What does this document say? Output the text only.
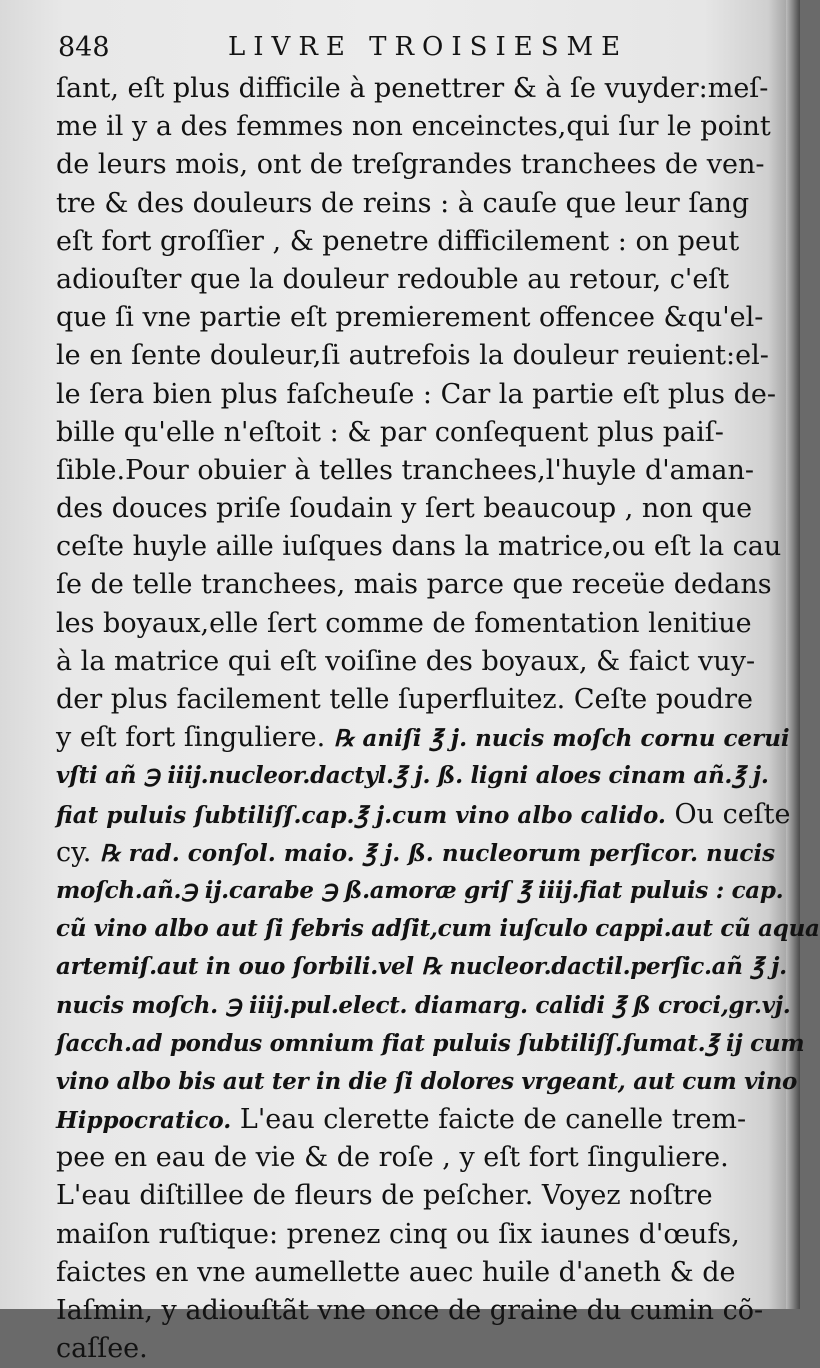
848	LIVRE TROISIESME
ſant, eſt plus difficile à penettrer & à ſe vuyder:meſ-
me il y a des femmes non enceinctes,qui ſur le point
de leurs mois, ont de treſgrandes tranchees de ven-
tre & des douleurs de reins : à cauſe que leur ſang
eſt fort groſſier , & penetre difficilement : on peut
adiouſter que la douleur redouble au retour, c'eſt
que ſi vne partie eſt premierement offencee &qu'el-
le en ſente douleur,ſi autrefois la douleur reuient:el-
le ſera bien plus faſcheuſe : Car la partie eſt plus de-
bille qu'elle n'eſtoit : & par conſequent plus paiſ-
ſible.Pour obuier à telles tranchees,l'huyle d'aman-
des douces priſe ſoudain y ſert beaucoup , non que
ceſte huyle aille iuſques dans la matrice,ou eſt la cau
ſe de telle tranchees, mais parce que receüe dedans
les boyaux,elle ſert comme de fomentation lenitiue
à la matrice qui eſt voiſine des boyaux, & faict vuy-
der plus facilement telle ſuperfluitez. Ceſte poudre
y eſt fort ſinguliere. ℞ aniſi ℥ j. nucis moſch cornu cerui
vſti añ ℈ iiij.nucleor.dactyl.℥ j. ß. ligni aloes cinam añ.℥ j.
fiat puluis ſubtiliſſ.cap.℥ j.cum vino albo calido. Ou ceſte
cy. ℞ rad. conſol. maio. ℥ j. ß. nucleorum perſicor. nucis
moſch.añ.℈ ij.carabe ℈ ß.amoræ griſ ℥ iiij.fiat puluis : cap.
cũ vino albo aut ſi febris adſit,cum iuſculo cappi.aut cũ aqua
artemiſ.aut in ouo ſorbili.vel ℞ nucleor.dactil.perſic.añ ℥ j.
nucis moſch. ℈ iiij.pul.elect. diamarg. calidi ℥ ß croci,gr.vj.
ſacch.ad pondus omnium fiat puluis ſubtiliſſ.ſumat.℥ ij cum
vino albo bis aut ter in die ſi dolores vrgeant, aut cum vino
Hippocratico. L'eau clerette faicte de canelle trem-
pee en eau de vie & de roſe , y eſt fort ſinguliere.
L'eau diſtillee de fleurs de peſcher. Voyez noſtre
maiſon ruſtique: prenez cinq ou ſix iaunes d'œufs,
faictes en vne aumellette auec huile d'aneth & de
Iaſmin, y adiouſtãt vne once de graine du cumin cõ-
caſſee.
